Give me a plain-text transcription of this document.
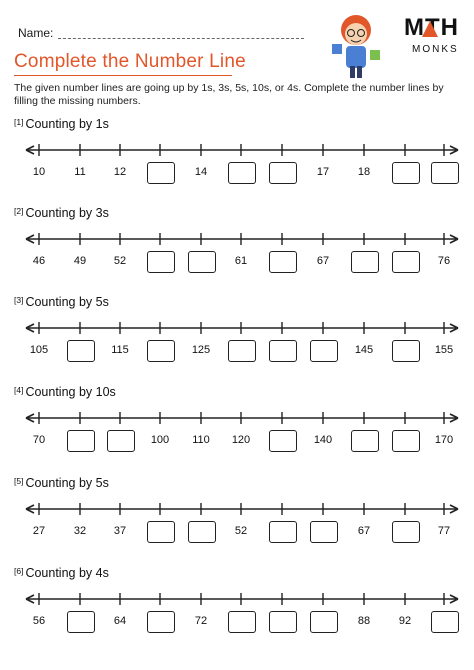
Name:
Complete the Number Line
MTH
MONKS
The given number lines are going up by 1s, 3s, 5s, 10s, or 4s. Complete the number lines by filling the missing numbers.
[1] Counting by 1s
10	11	12	14	17	18
[2] Counting by 3s
46	49	52	61	67	76
[3] Counting by 5s
105	115	125	145	155
[4] Counting by 10s
70	100	110	120	140	170
[5] Counting by 5s
27	32	37	52	67	77
[6] Counting by 4s
56	64	72	88	92
